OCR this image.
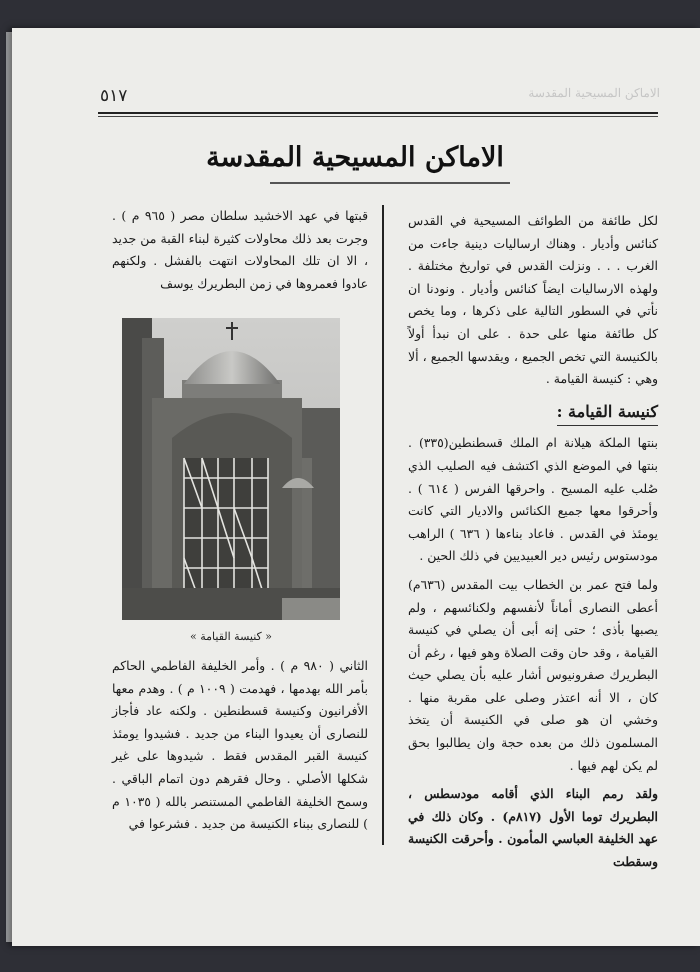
٥١٧	الاماكن المسيحية المقدسة
الاماكن المسيحية المقدسة

لكل طائفة من الطوائف المسيحية في القدس كنائس وأديار . وهناك ارساليات دينية جاءت من الغرب . . . ونزلت القدس في تواريخ مختلفة . ولهذه الارساليات ايضاً كنائس وأديار . ونودنا ان نأتي في السطور التالية على ذكرها ، وما يخص كل طائفة منها على حدة . على ان نبدأ أولاً بالكنيسة التي تخص الجميع ، ويقدسها الجميع ، ألا وهي : كنيسة القيامة .

كنيسة القيامة :

بنتها الملكة هيلانة ام الملك قسطنطين(٣٣٥) . بنتها في الموضع الذي اكتشف فيه الصليب الذي صُلب عليه المسيح . واحرقها الفرس ( ٦١٤ ) . وأحرقوا معها جميع الكنائس والاديار التي كانت يومئذ في القدس . فاعاد بناءها ( ٦٣٦ ) الراهب مودستوس رئيس دير العبيديين في ذلك الحين .

ولما فتح عمر بن الخطاب بيت المقدس (٦٣٦م) أعطى النصارى أماناً لأنفسهم ولكنائسهم ، ولم يصبها بأذى ؛ حتى إنه أبى أن يصلي في كنيسة القيامة ، وقد حان وقت الصلاة وهو فيها ، رغم أن البطريرك صفرونيوس أشار عليه بأن يصلي حيث كان ، الا أنه اعتذر وصلى على مقربة منها . وخشي ان هو صلى في الكنيسة أن يتخذ المسلمون ذلك من بعده حجة وان يطالبوا بحق لم يكن لهم فيها .

ولقد رمم البناء الذي أقامه مودسطس ، البطريرك توما الأول (٨١٧م) . وكان ذلك في عهد الخليفة العباسي المأمون . وأحرقت الكنيسة وسقطت

قبتها في عهد الاخشيد سلطان مصر ( ٩٦٥ م ) . وجرت بعد ذلك محاولات كثيرة لبناء القبة من جديد ، الا ان تلك المحاولات انتهت بالفشل . ولكنهم عادوا فعمروها في زمن البطريرك يوسف

« كنيسة القيامة »

الثاني ( ٩٨٠ م ) . وأمر الخليفة الفاطمي الحاكم بأمر الله بهدمها ، فهدمت ( ١٠٠٩ م ) . وهدم معها الأفرانيون وكنيسة قسطنطين . ولكنه عاد فأجاز للنصارى أن يعيدوا البناء من جديد . فشيدوا يومئذ كنيسة القبر المقدس فقط . شيدوها على غير شكلها الأصلي . وحال فقرهم دون اتمام الباقي . وسمح الخليفة الفاطمي المستنصر بالله ( ١٠٣٥ م ) للنصارى ببناء الكنيسة من جديد . فشرعوا في
